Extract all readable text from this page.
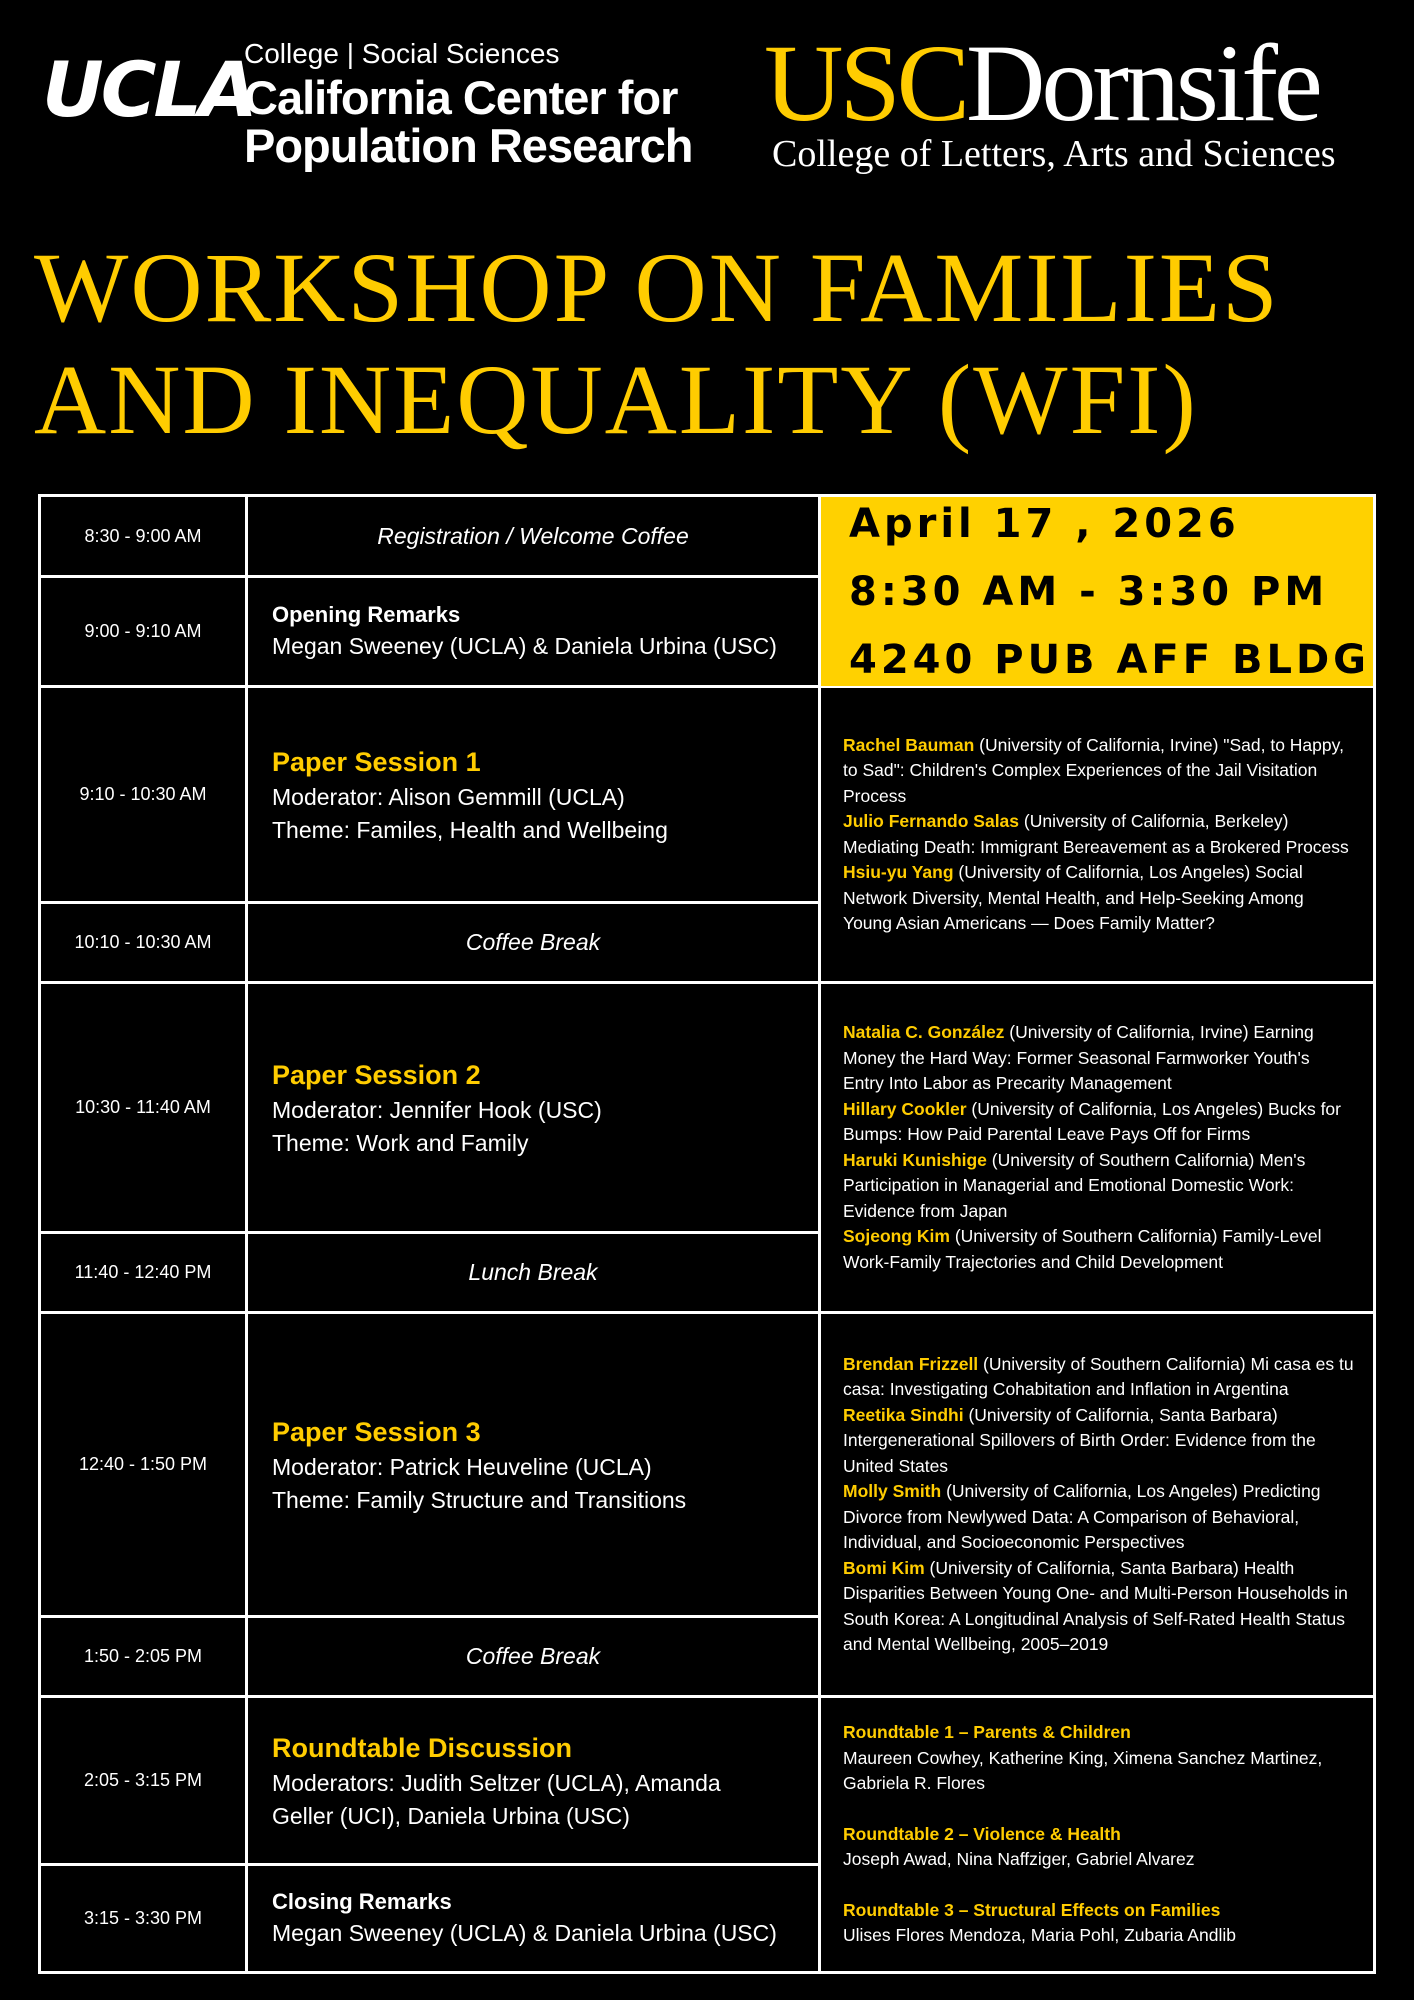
UCLA
College | Social Sciences
California Center for
Population Research
USCDornsife
College of Letters, Arts and Sciences
WORKSHOP ON FAMILIES
AND INEQUALITY (WFI)
8:30 - 9:00 AM
9:00 - 9:10 AM
9:10 - 10:30 AM
10:10 - 10:30 AM
10:30 - 11:40 AM
11:40 - 12:40 PM
12:40 - 1:50 PM
1:50 - 2:05 PM
2:05 - 3:15 PM
3:15 - 3:30 PM
Registration / Welcome Coffee
Opening Remarks
Megan Sweeney (UCLA) & Daniela Urbina (USC)
Paper Session 1
Moderator: Alison Gemmill (UCLA)
Theme: Familes, Health and Wellbeing
Coffee Break
Paper Session 2
Moderator: Jennifer Hook (USC)
Theme: Work and Family
Lunch Break
Paper Session 3
Moderator: Patrick Heuveline (UCLA)
Theme: Family Structure and Transitions
Coffee Break
Roundtable Discussion
Moderators: Judith Seltzer (UCLA), Amanda
Geller (UCI), Daniela Urbina (USC)
Closing Remarks
Megan Sweeney (UCLA) & Daniela Urbina (USC)
April 17 , 2026
8:30 AM - 3:30 PM
4240 PUB AFF BLDG

Rachel Bauman (University of California, Irvine) "Sad, to Happy, to Sad": Children's Complex Experiences of the Jail Visitation Process

Julio Fernando Salas (University of California, Berkeley) Mediating Death: Immigrant Bereavement as a Brokered Process

Hsiu-yu Yang (University of California, Los Angeles) Social Network Diversity, Mental Health, and Help-Seeking Among Young Asian Americans — Does Family Matter?

Natalia C. González (University of California, Irvine) Earning Money the Hard Way: Former Seasonal Farmworker Youth's Entry Into Labor as Precarity Management

Hillary Cookler (University of California, Los Angeles) Bucks for Bumps: How Paid Parental Leave Pays Off for Firms

Haruki Kunishige (University of Southern California) Men's Participation in Managerial and Emotional Domestic Work: Evidence from Japan

Sojeong Kim (University of Southern California) Family-Level Work-Family Trajectories and Child Development

Brendan Frizzell (University of Southern California) Mi casa es tu casa: Investigating Cohabitation and Inflation in Argentina

Reetika Sindhi (University of California, Santa Barbara) Intergenerational Spillovers of Birth Order: Evidence from the United States

Molly Smith (University of California, Los Angeles) Predicting Divorce from Newlywed Data: A Comparison of Behavioral, Individual, and Socioeconomic Perspectives

Bomi Kim (University of California, Santa Barbara) Health Disparities Between Young One- and Multi-Person Households in South Korea: A Longitudinal Analysis of Self-Rated Health Status and Mental Wellbeing, 2005–2019

Roundtable 1 – Parents & Children

Maureen Cowhey, Katherine King, Ximena Sanchez Martinez, Gabriela R. Flores

Roundtable 2 – Violence & Health

Joseph Awad, Nina Naffziger, Gabriel Alvarez

Roundtable 3 – Structural Effects on Families

Ulises Flores Mendoza, Maria Pohl, Zubaria Andlib
